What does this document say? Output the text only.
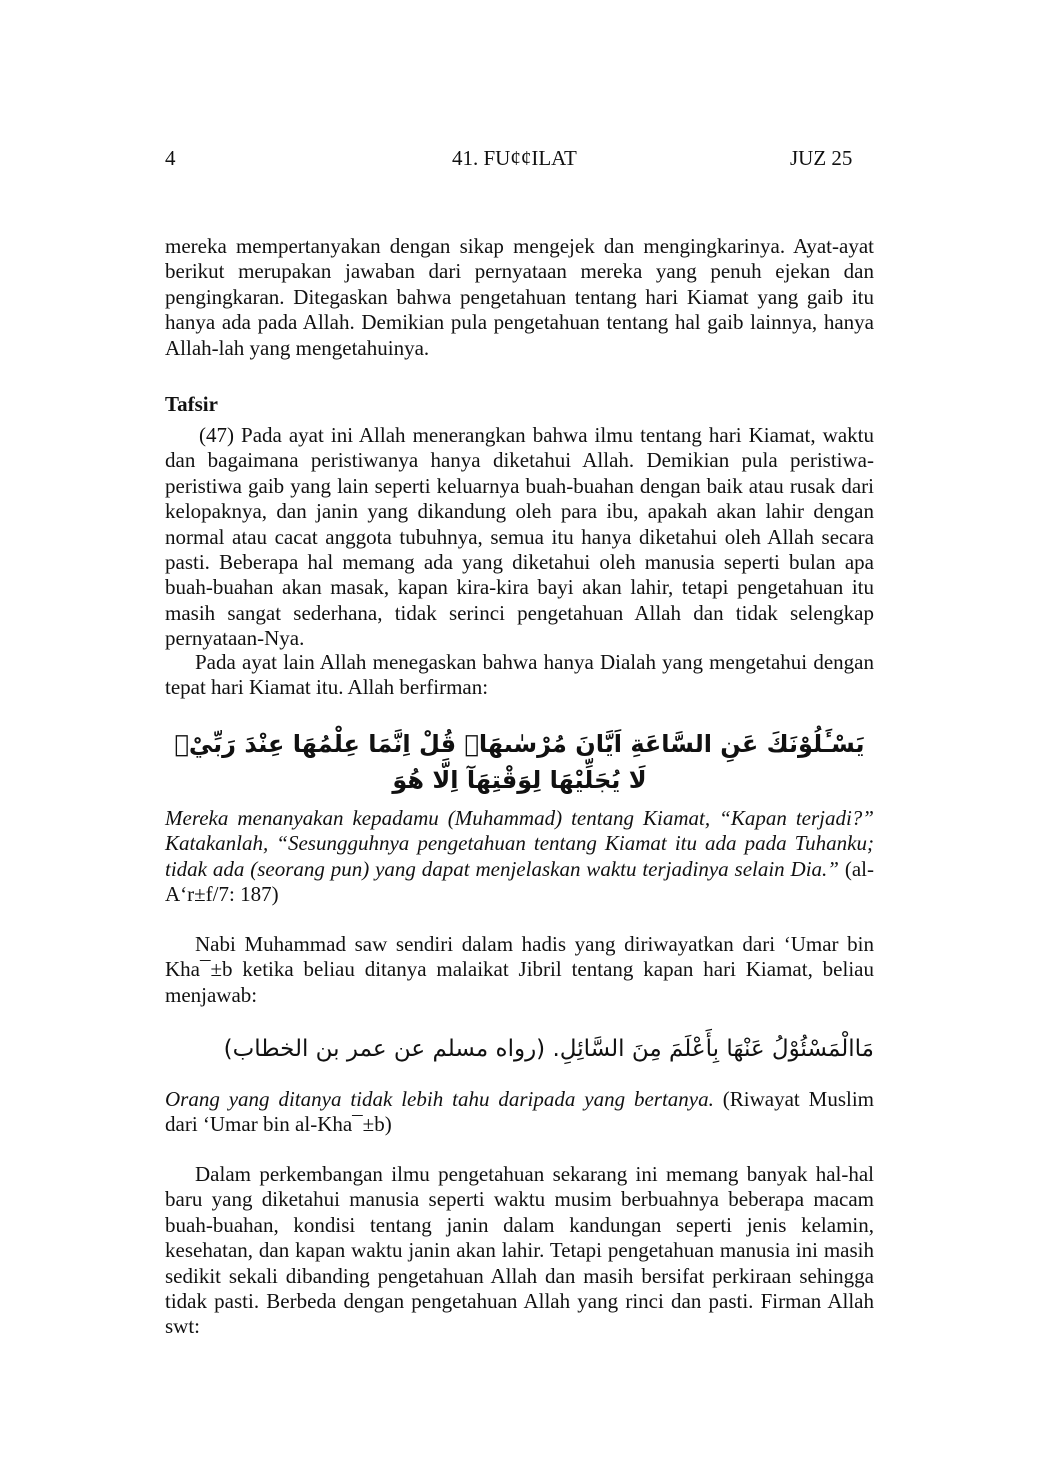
4	41. FU¢¢ILAT	JUZ 25

mereka mempertanyakan dengan sikap mengejek dan mengingkarinya. Ayat-ayat berikut merupakan jawaban dari pernyataan mereka yang penuh ejekan dan pengingkaran. Ditegaskan bahwa pengetahuan tentang hari Kiamat yang gaib itu hanya ada pada Allah. Demikian pula pengetahuan tentang hal gaib lainnya, hanya Allah-lah yang mengetahuinya.

Tafsir

(47) Pada ayat ini Allah menerangkan bahwa ilmu tentang hari Kiamat, waktu dan bagaimana peristiwanya hanya diketahui Allah. Demikian pula peristiwa-peristiwa gaib yang lain seperti keluarnya buah-buahan dengan baik atau rusak dari kelopaknya, dan janin yang dikandung oleh para ibu, apakah akan lahir dengan normal atau cacat anggota tubuhnya, semua itu hanya diketahui oleh Allah secara pasti. Beberapa hal memang ada yang diketahui oleh manusia seperti bulan apa buah-buahan akan masak, kapan kira-kira bayi akan lahir, tetapi pengetahuan itu masih sangat sederhana, tidak serinci pengetahuan Allah dan tidak selengkap pernyataan-Nya.

Pada ayat lain Allah menegaskan bahwa hanya Dialah yang mengetahui dengan tepat hari Kiamat itu. Allah berfirman:

يَسْـَٔلُوْنَكَ عَنِ السَّاعَةِ اَيَّانَ مُرْسٰىهَاۗ قُلْ اِنَّمَا عِلْمُهَا عِنْدَ رَبِّيْۚ لَا يُجَلِّيْهَا لِوَقْتِهَآ اِلَّا هُوَ

Mereka menanyakan kepadamu (Muhammad) tentang Kiamat, “Kapan terjadi?” Katakanlah, “Sesungguhnya pengetahuan tentang Kiamat itu ada pada Tuhanku; tidak ada (seorang pun) yang dapat menjelaskan waktu terjadinya selain Dia.” (al-A‘r±f/7: 187)

Nabi Muhammad saw sendiri dalam hadis yang diriwayatkan dari ‘Umar bin Kha¯±b ketika beliau ditanya malaikat Jibril tentang kapan hari Kiamat, beliau menjawab:

مَاالْمَسْئُوْلُ عَنْهَا بِأَعْلَمَ مِنَ السَّائِلِ. (رواه مسلم عن عمر بن الخطاب)

Orang yang ditanya tidak lebih tahu daripada yang bertanya. (Riwayat Muslim dari ‘Umar bin al-Kha¯±b)

Dalam perkembangan ilmu pengetahuan sekarang ini memang banyak hal-hal baru yang diketahui manusia seperti waktu musim berbuahnya beberapa macam buah-buahan, kondisi tentang janin dalam kandungan seperti jenis kelamin, kesehatan, dan kapan waktu janin akan lahir. Tetapi pengetahuan manusia ini masih sedikit sekali dibanding pengetahuan Allah dan masih bersifat perkiraan sehingga tidak pasti. Berbeda dengan pengetahuan Allah yang rinci dan pasti. Firman Allah swt:
